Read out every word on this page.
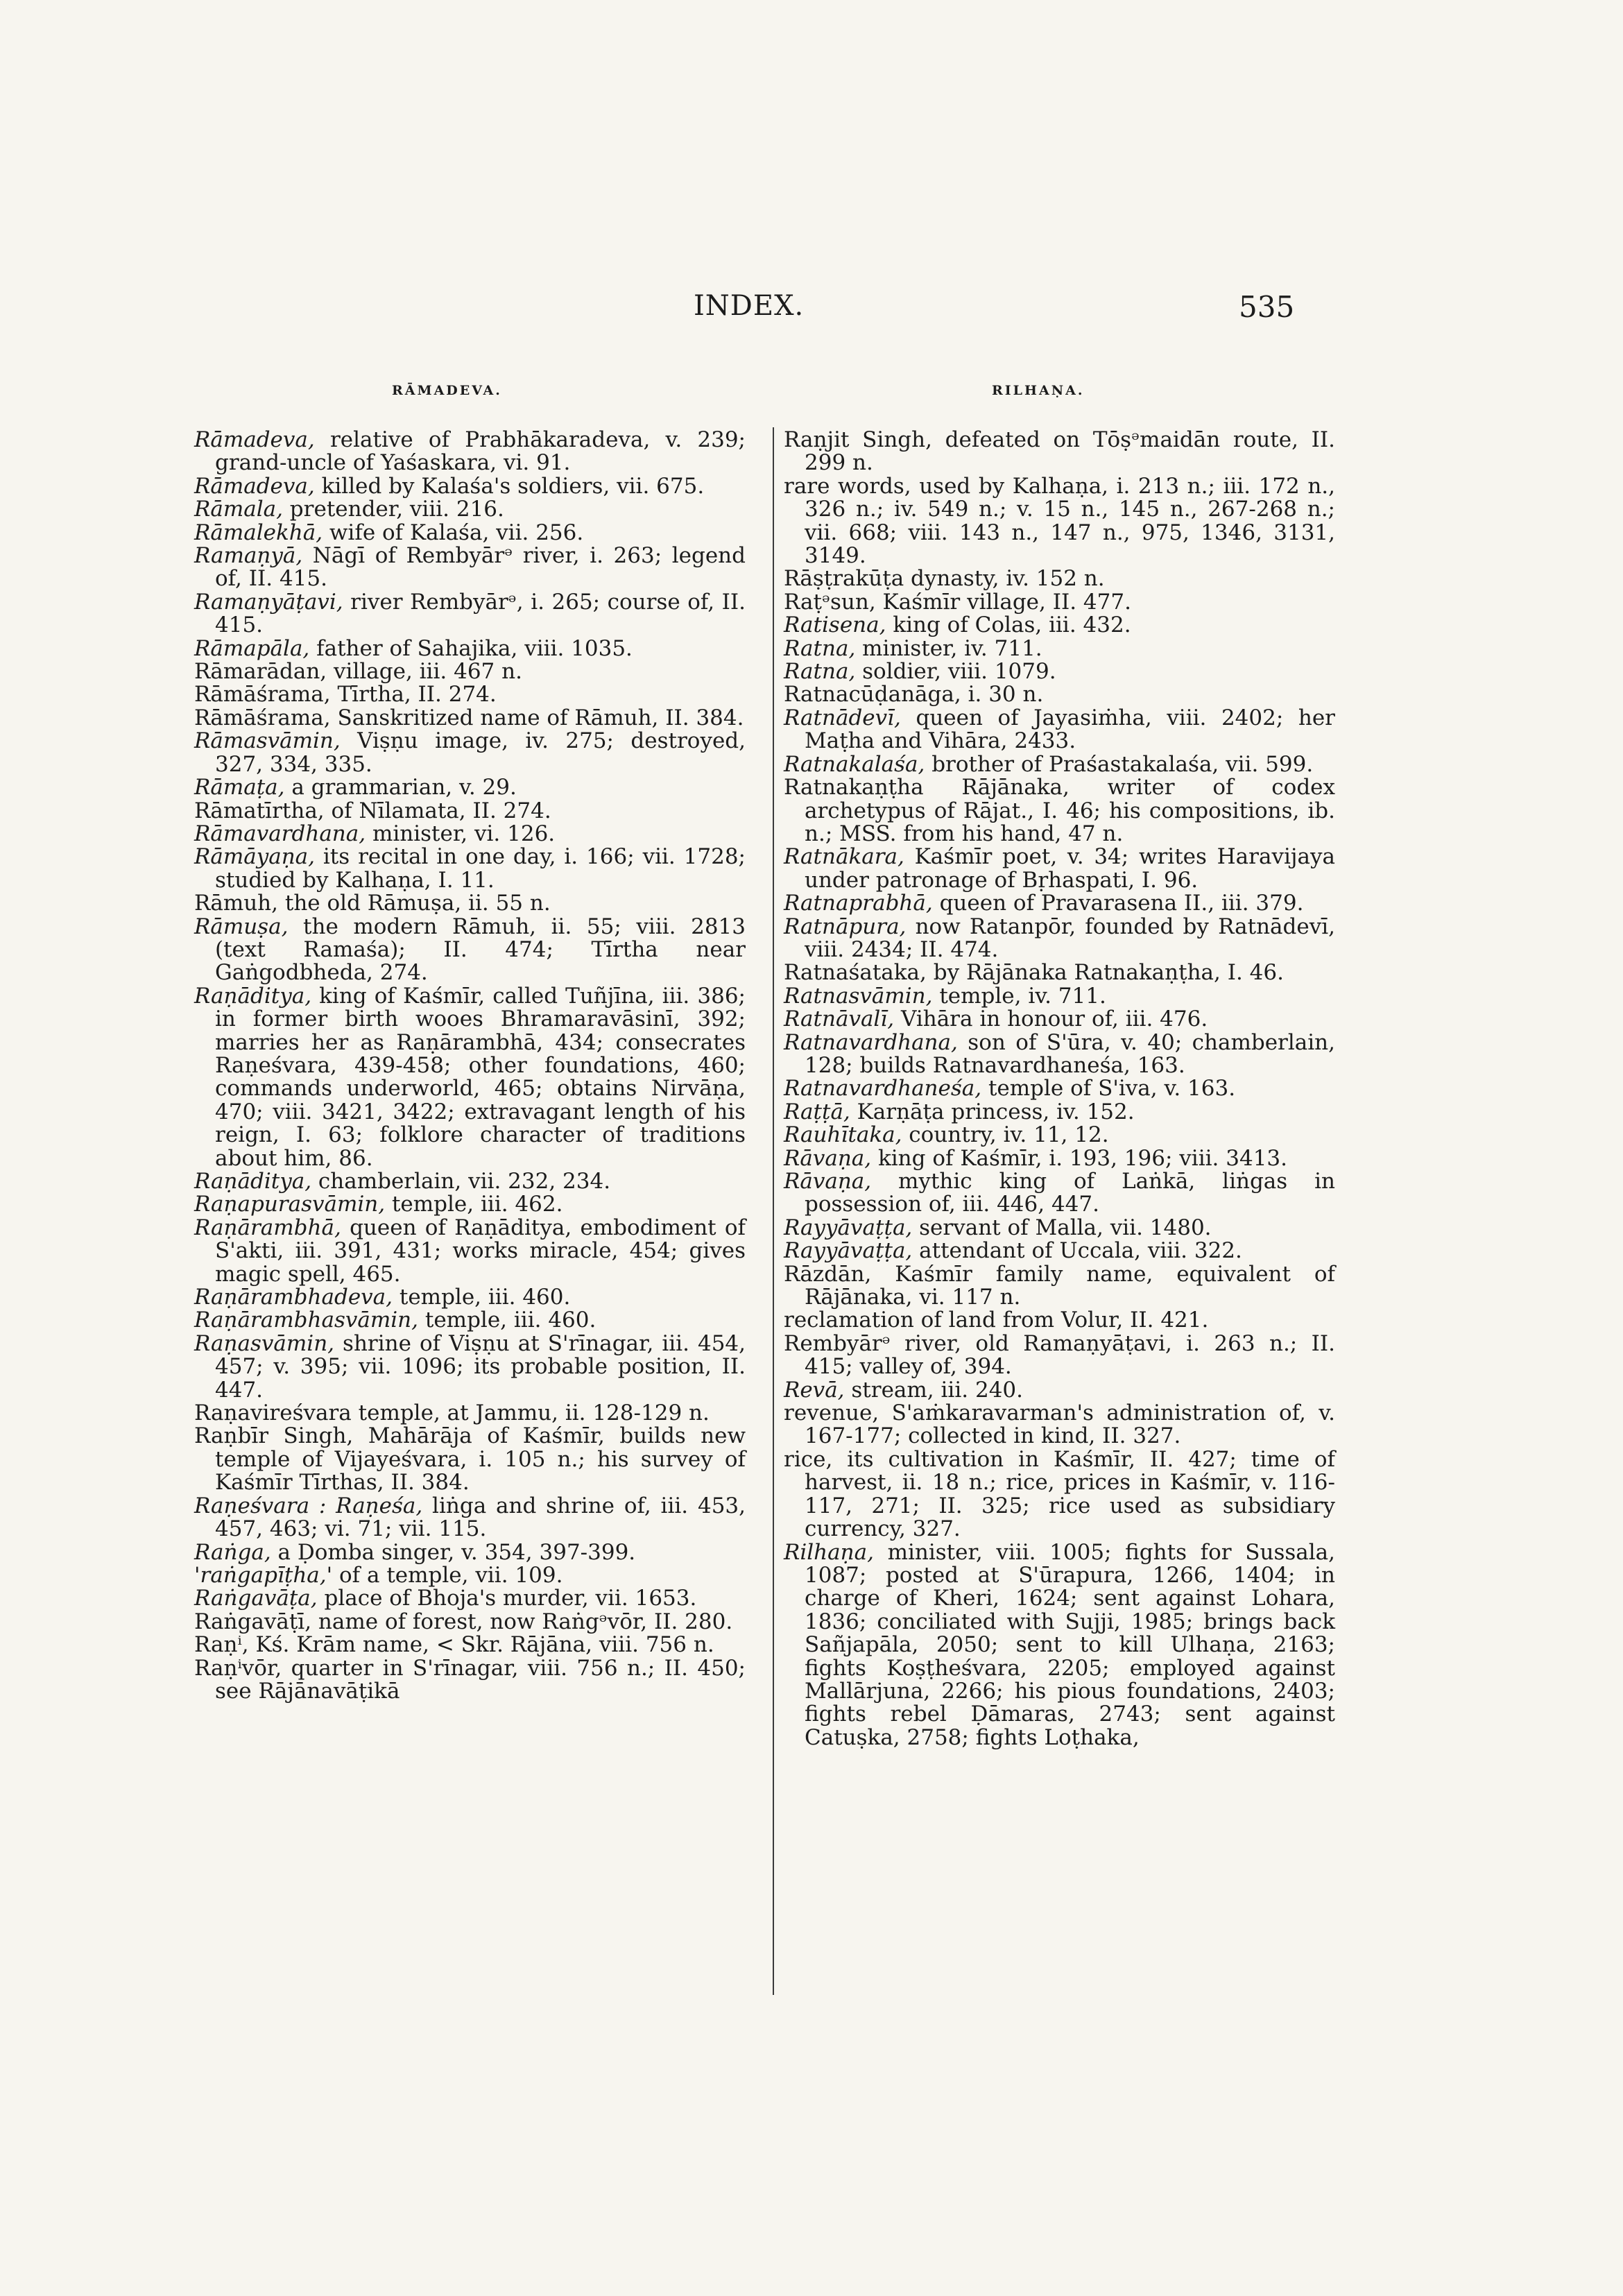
INDEX.	535
RĀMADEVA.	RILHAṆA.

Rāmadeva, relative of Prabhākaradeva, v. 239; grand-uncle of Yaśaskara, vi. 91.

Rāmadeva, killed by Kalaśa's soldiers, vii. 675.

Rāmala, pretender, viii. 216.

Rāmalekhā, wife of Kalaśa, vii. 256.

Ramaṇyā, Nāgī of Rembyārᵊ river, i. 263; legend of, II. 415.

Ramaṇyāṭavi, river Rembyārᵊ, i. 265; course of, II. 415.

Rāmapāla, father of Sahajika, viii. 1035.

Rāmarādan, village, iii. 467 n.

Rāmāśrama, Tīrtha, II. 274.

Rāmāśrama, Sanskritized name of Rāmuh, II. 384.

Rāmasvāmin, Viṣṇu image, iv. 275; destroyed, 327, 334, 335.

Rāmaṭa, a grammarian, v. 29.

Rāmatīrtha, of Nīlamata, II. 274.

Rāmavardhana, minister, vi. 126.

Rāmāyaṇa, its recital in one day, i. 166; vii. 1728; studied by Kalhaṇa, I. 11.

Rāmuh, the old Rāmuṣa, ii. 55 n.

Rāmuṣa, the modern Rāmuh, ii. 55; viii. 2813 (text Ramaśa); II. 474; Tīrtha near Gaṅgodbheda, 274.

Raṇāditya, king of Kaśmīr, called Tuñjīna, iii. 386; in former birth wooes Bhramaravāsinī, 392; marries her as Raṇārambhā, 434; consecrates Raṇeśvara, 439-458; other foundations, 460; commands underworld, 465; obtains Nirvāṇa, 470; viii. 3421, 3422; extravagant length of his reign, I. 63; folklore character of traditions about him, 86.

Raṇāditya, chamberlain, vii. 232, 234.

Raṇapurasvāmin, temple, iii. 462.

Raṇārambhā, queen of Raṇāditya, embodiment of S'akti, iii. 391, 431; works miracle, 454; gives magic spell, 465.

Raṇārambhadeva, temple, iii. 460.

Raṇārambhasvāmin, temple, iii. 460.

Raṇasvāmin, shrine of Viṣṇu at S'rīnagar, iii. 454, 457; v. 395; vii. 1096; its probable position, II. 447.

Raṇavireśvara temple, at Jammu, ii. 128-129 n.

Raṇbīr Singh, Mahārāja of Kaśmīr, builds new temple of Vijayeśvara, i. 105 n.; his survey of Kaśmīr Tīrthas, II. 384.

Raṇeśvara : Raṇeśa, liṅga and shrine of, iii. 453, 457, 463; vi. 71; vii. 115.

Raṅga, a Ḍomba singer, v. 354, 397-399.

'raṅgapīṭha,' of a temple, vii. 109.

Raṅgavāṭa, place of Bhoja's murder, vii. 1653.

Raṅgavāṭī, name of forest, now Raṅgᵊvōr, II. 280.

Raṇⁱ, Kś. Krām name, < Skr. Rājāna, viii. 756 n.

Raṇⁱvōr, quarter in S'rīnagar, viii. 756 n.; II. 450; see Rājānavāṭikā

Raṇjit Singh, defeated on Tōṣᵊmaidān route, II. 299 n.

rare words, used by Kalhaṇa, i. 213 n.; iii. 172 n., 326 n.; iv. 549 n.; v. 15 n., 145 n., 267-268 n.; vii. 668; viii. 143 n., 147 n., 975, 1346, 3131, 3149.

Rāṣṭrakūṭa dynasty, iv. 152 n.

Raṭᵊsun, Kaśmīr village, II. 477.

Ratisena, king of Colas, iii. 432.

Ratna, minister, iv. 711.

Ratna, soldier, viii. 1079.

Ratnacūḍanāga, i. 30 n.

Ratnādevī, queen of Jayasiṁha, viii. 2402; her Maṭha and Vihāra, 2433.

Ratnakalaśa, brother of Praśastakalaśa, vii. 599.

Ratnakaṇṭha Rājānaka, writer of codex archetypus of Rājat., I. 46; his compositions, ib. n.; MSS. from his hand, 47 n.

Ratnākara, Kaśmīr poet, v. 34; writes Haravijaya under patronage of Bṛhaspati, I. 96.

Ratnaprabhā, queen of Pravarasena II., iii. 379.

Ratnāpura, now Ratanpōr, founded by Ratnādevī, viii. 2434; II. 474.

Ratnaśataka, by Rājānaka Ratnakaṇṭha, I. 46.

Ratnasvāmin, temple, iv. 711.

Ratnāvalī, Vihāra in honour of, iii. 476.

Ratnavardhana, son of S'ūra, v. 40; chamberlain, 128; builds Ratnavardhaneśa, 163.

Ratnavardhaneśa, temple of S'iva, v. 163.

Raṭṭā, Karṇāṭa princess, iv. 152.

Rauhītaka, country, iv. 11, 12.

Rāvaṇa, king of Kaśmīr, i. 193, 196; viii. 3413.

Rāvaṇa, mythic king of Laṅkā, liṅgas in possession of, iii. 446, 447.

Rayyāvaṭṭa, servant of Malla, vii. 1480.

Rayyāvaṭṭa, attendant of Uccala, viii. 322.

Rāzdān, Kaśmīr family name, equivalent of Rājānaka, vi. 117 n.

reclamation of land from Volur, II. 421.

Rembyārᵊ river, old Ramaṇyāṭavi, i. 263 n.; II. 415; valley of, 394.

Revā, stream, iii. 240.

revenue, S'aṁkaravarman's administration of, v. 167-177; collected in kind, II. 327.

rice, its cultivation in Kaśmīr, II. 427; time of harvest, ii. 18 n.; rice, prices in Kaśmīr, v. 116-117, 271; II. 325; rice used as subsidiary currency, 327.

Rilhaṇa, minister, viii. 1005; fights for Sussala, 1087; posted at S'ūrapura, 1266, 1404; in charge of Kheri, 1624; sent against Lohara, 1836; conciliated with Sujji, 1985; brings back Sañjapāla, 2050; sent to kill Ulhaṇa, 2163; fights Koṣṭheśvara, 2205; employed against Mallārjuna, 2266; his pious foundations, 2403; fights rebel Ḍāmaras, 2743; sent against Catuṣka, 2758; fights Loṭhaka,
